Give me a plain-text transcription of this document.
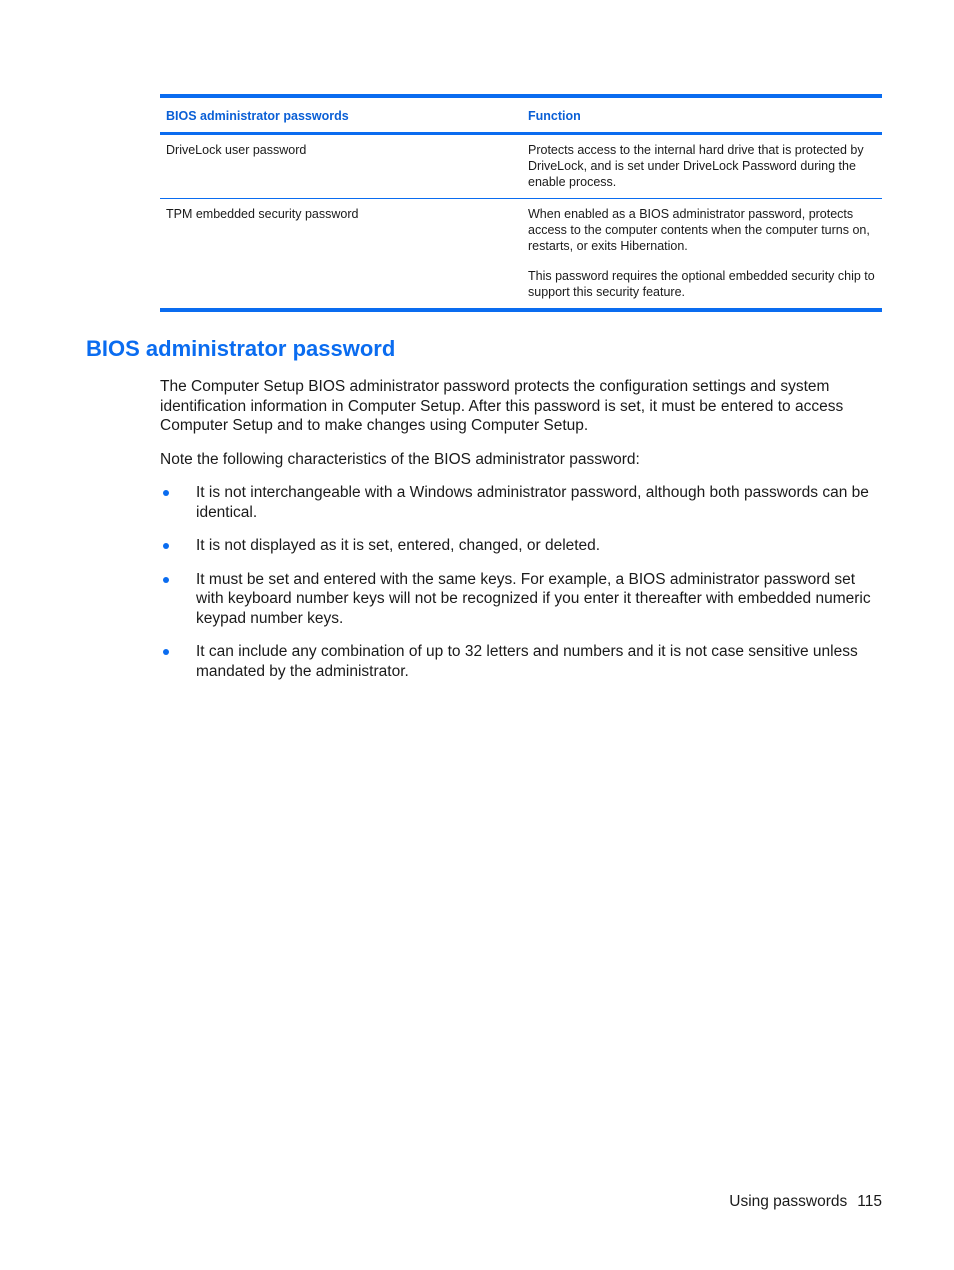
BIOS administrator passwords	Function
DriveLock user password	Protects access to the internal hard drive that is protected by DriveLock, and is set under DriveLock Password during the enable process.

TPM embedded security password	When enabled as a BIOS administrator password, protects access to the computer contents when the computer turns on, restarts, or exits Hibernation.

This password requires the optional embedded security chip to support this security feature.

BIOS administrator password

The Computer Setup BIOS administrator password protects the configuration settings and system identification information in Computer Setup. After this password is set, it must be entered to access Computer Setup and to make changes using Computer Setup.

Note the following characteristics of the BIOS administrator password:

It is not interchangeable with a Windows administrator password, although both passwords can be identical.
It is not displayed as it is set, entered, changed, or deleted.
It must be set and entered with the same keys. For example, a BIOS administrator password set with keyboard number keys will not be recognized if you enter it thereafter with embedded numeric keypad number keys.
It can include any combination of up to 32 letters and numbers and it is not case sensitive unless mandated by the administrator.
Using passwords 115
